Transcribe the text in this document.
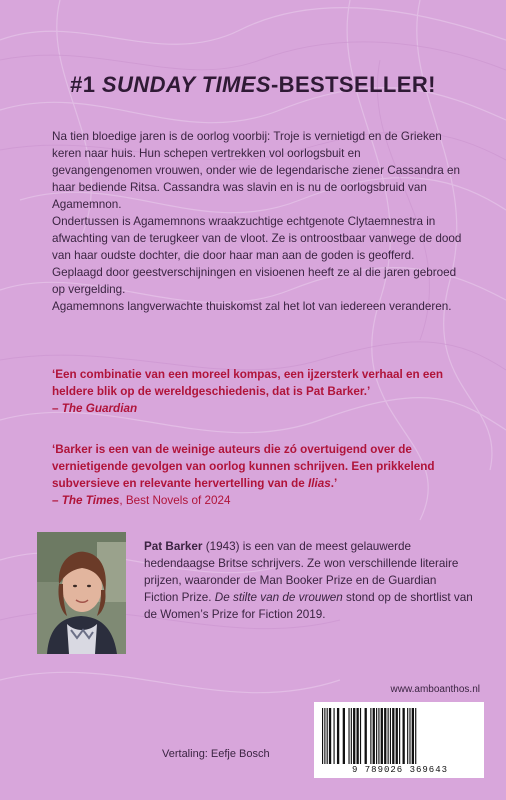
#1 SUNDAY TIMES-BESTSELLER!

Na tien bloedige jaren is de oorlog voorbij: Troje is vernietigd en de Grieken keren naar huis. Hun schepen vertrekken vol oorlogsbuit en gevangengenomen vrouwen, onder wie de legendarische ziener Cassandra en haar bediende Ritsa. Cassandra was slavin en is nu de oorlogsbruid van Agamemnon.

Ondertussen is Agamemnons wraakzuchtige echtgenote Clytaemnestra in afwachting van de terugkeer van de vloot. Ze is ontroostbaar vanwege de dood van haar oudste dochter, die door haar man aan de goden is geofferd. Geplaagd door geestverschijningen en visioenen heeft ze al die jaren gebroed op vergelding.

Agamemnons langverwachte thuiskomst zal het lot van iedereen veranderen.

‘Een combinatie van een moreel kompas, een ijzersterk verhaal en een heldere blik op de wereldgeschiedenis, dat is Pat Barker.’
– The Guardian
‘Barker is een van de weinige auteurs die zó overtuigend over de vernietigende gevolgen van oorlog kunnen schrijven. Een prikkelend subversieve en relevante hervertelling van de Ilias.’
– The Times, Best Novels of 2024
Pat Barker (1943) is een van de meest gelauwerde hedendaagse Britse schrijvers. Ze won verschillende literaire prijzen, waaronder de Man Booker Prize en de Guardian Fiction Prize. De stilte van de vrouwen stond op de shortlist van de Women’s Prize for Fiction 2019.
www.amboanthos.nl
9 789026 369643
Vertaling: Eefje Bosch
